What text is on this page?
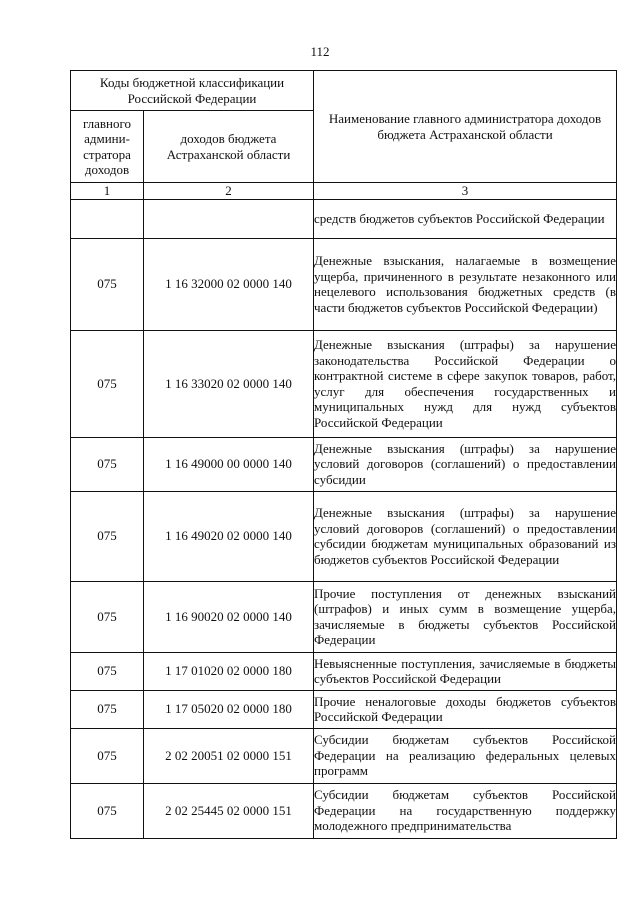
112
Коды бюджетной классификации Российской Федерации		Наименование главного администратора доходов бюджета Астраханской области
главного админи-стратора доходов	доходов бюджета Астраханской области	
1	2	3
		средств бюджетов субъектов Российской Федерации
075	1 16 32000 02 0000 140	Денежные взыскания, налагаемые в возмещение ущерба, причиненного в результате незаконного или нецелевого использования бюджетных средств (в части бюджетов субъектов Российской Федерации)
075	1 16 33020 02 0000 140	Денежные взыскания (штрафы) за нарушение законодательства Российской Федерации о контрактной системе в сфере закупок товаров, работ, услуг для обеспечения государственных и муниципальных нужд для нужд субъектов Российской Федерации
075	1 16 49000 00 0000 140	Денежные взыскания (штрафы) за нарушение условий договоров (соглашений) о предоставлении субсидии
075	1 16 49020 02 0000 140	Денежные взыскания (штрафы) за нарушение условий договоров (соглашений) о предоставлении субсидии бюджетам муниципальных образований из бюджетов субъектов Российской Федерации
075	1 16 90020 02 0000 140	Прочие поступления от денежных взысканий (штрафов) и иных сумм в возмещение ущерба, зачисляемые в бюджеты субъектов Российской Федерации
075	1 17 01020 02 0000 180	Невыясненные поступления, зачисляемые в бюджеты субъектов Российской Федерации
075	1 17 05020 02 0000 180	Прочие неналоговые доходы бюджетов субъектов Российской Федерации
075	2 02 20051 02 0000 151	Субсидии бюджетам субъектов Российской Федерации на реализацию федеральных целевых программ
075	2 02 25445 02 0000 151	Субсидии бюджетам субъектов Российской Федерации на государственную поддержку молодежного предпринимательства
